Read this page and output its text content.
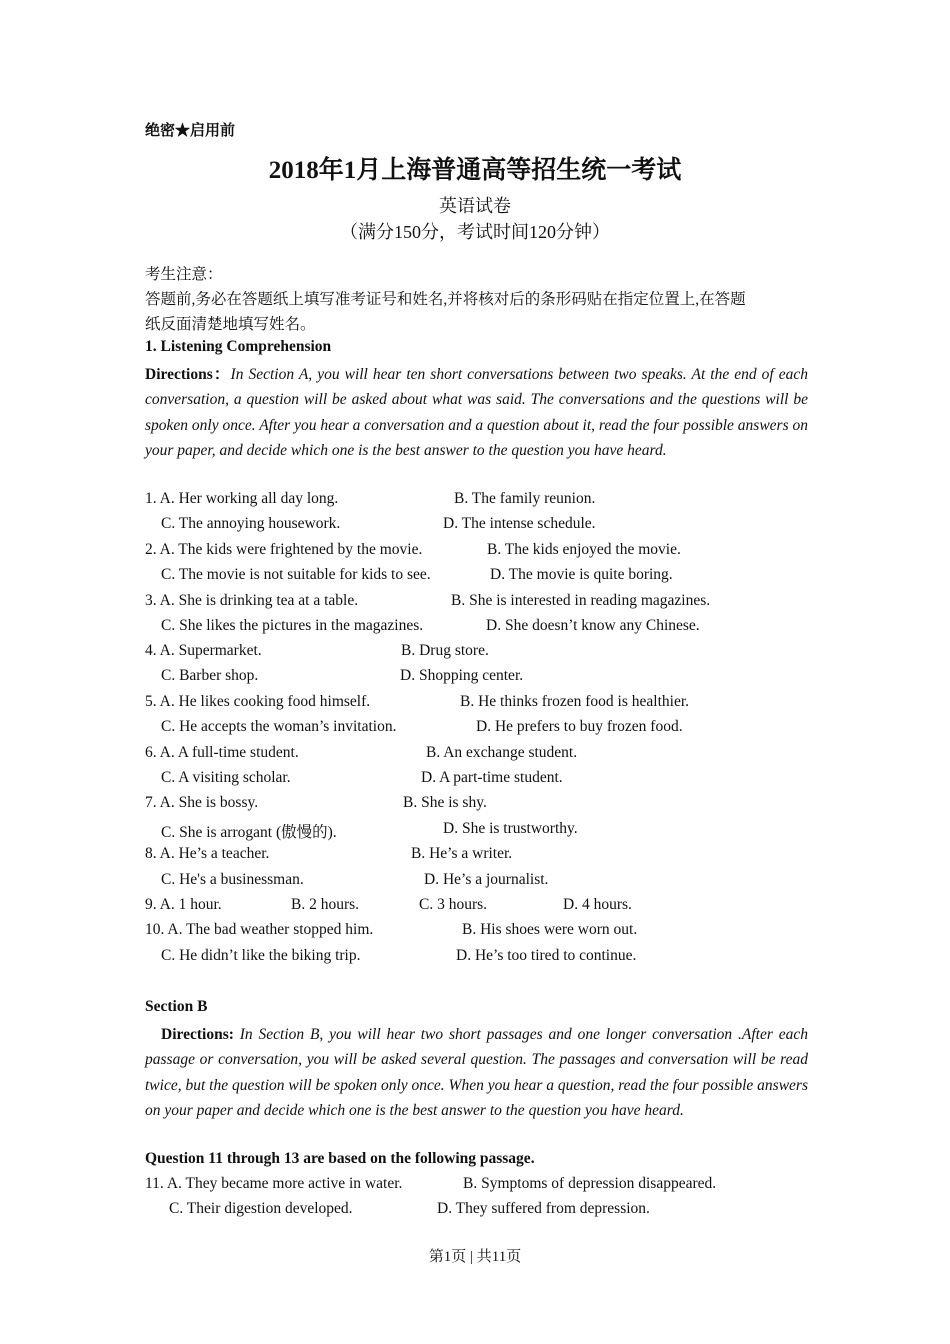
绝密★启用前
2018年1月上海普通高等招生统一考试
英语试卷
（满分150分，考试时间120分钟）
考生注意：
答题前,务必在答题纸上填写准考证号和姓名,并将核对后的条形码贴在指定位置上,在答题
纸反面清楚地填写姓名。
1. Listening Comprehension
Directions：In Section A, you will hear ten short conversations between two speaks. At the end of each conversation, a question will be asked about what was said. The conversations and the questions will be spoken only once. After you hear a conversation and a question about it, read the four possible answers on your paper, and decide which one is the best answer to the question you have heard.
1. A. Her working all day long.	B. The family reunion.
C. The annoying housework.	D. The intense schedule.
2. A. The kids were frightened by the movie.	B. The kids enjoyed the movie.
C. The movie is not suitable for kids to see.	D. The movie is quite boring.
3. A. She is drinking tea at a table.	B. She is interested in reading magazines.
C. She likes the pictures in the magazines.	D. She doesn’t know any Chinese.
4. A. Supermarket.	B. Drug store.
C. Barber shop.	D. Shopping center.
5. A. He likes cooking food himself.	B. He thinks frozen food is healthier.
C. He accepts the woman’s invitation.	D. He prefers to buy frozen food.
6. A. A full-time student.	B. An exchange student.
C. A visiting scholar.	D. A part-time student.
7. A. She is bossy.	B. She is shy.
C. She is arrogant (傲慢的).	D. She is trustworthy.
8. A. He’s a teacher.	B. He’s a writer.
C. He's a businessman.	D. He’s a journalist.
9. A. 1 hour.	B. 2 hours.	C. 3 hours.	D. 4 hours.
10. A. The bad weather stopped him.	B. His shoes were worn out.
C. He didn’t like the biking trip.	D. He’s too tired to continue.
Section B
Directions: In Section B, you will hear two short passages and one longer conversation .After each passage or conversation, you will be asked several question. The passages and conversation will be read twice, but the question will be spoken only once. When you hear a question, read the four possible answers on your paper and decide which one is the best answer to the question you have heard.
Question 11 through 13 are based on the following passage.
11. A. They became more active in water.	B. Symptoms of depression disappeared.
C. Their digestion developed.	D. They suffered from depression.
第1页 | 共11页
